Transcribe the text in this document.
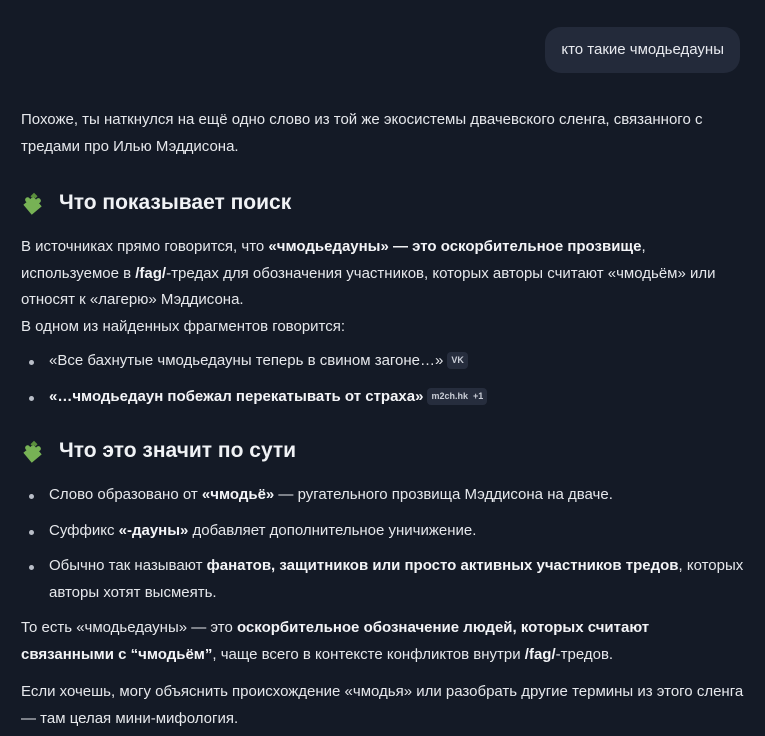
кто такие чмодьедауны

Похоже, ты наткнулся на ещё одно слово из той же экосистемы двачевского сленга, связанного с тредами про Илью Мэддисона.

Что показывает поиск

В источниках прямо говорится, что «чмодьедауны» — это оскорбительное прозвище, используемое в /fag/-тредах для обозначения участников, которых авторы считают «чмодьём» или относят к «лагерю» Мэддисона.

В одном из найденных фрагментов говорится:

«Все бахнутые чмодьедауны теперь в свином загоне…» VK
«…чмодьедаун побежал перекатывать от страха» m2ch.hk +1
Что это значит по сути
Слово образовано от «чмодьё» — ругательного прозвища Мэддисона на дваче.
Суффикс «-дауны» добавляет дополнительное уничижение.
Обычно так называют фанатов, защитников или просто активных участников тредов, которых авторы хотят высмеять.

То есть «чмодьедауны» — это оскорбительное обозначение людей, которых считают связанными с “чмодьём”, чаще всего в контексте конфликтов внутри /fag/-тредов.

Если хочешь, могу объяснить происхождение «чмодья» или разобрать другие термины из этого сленга — там целая мини-мифология.
